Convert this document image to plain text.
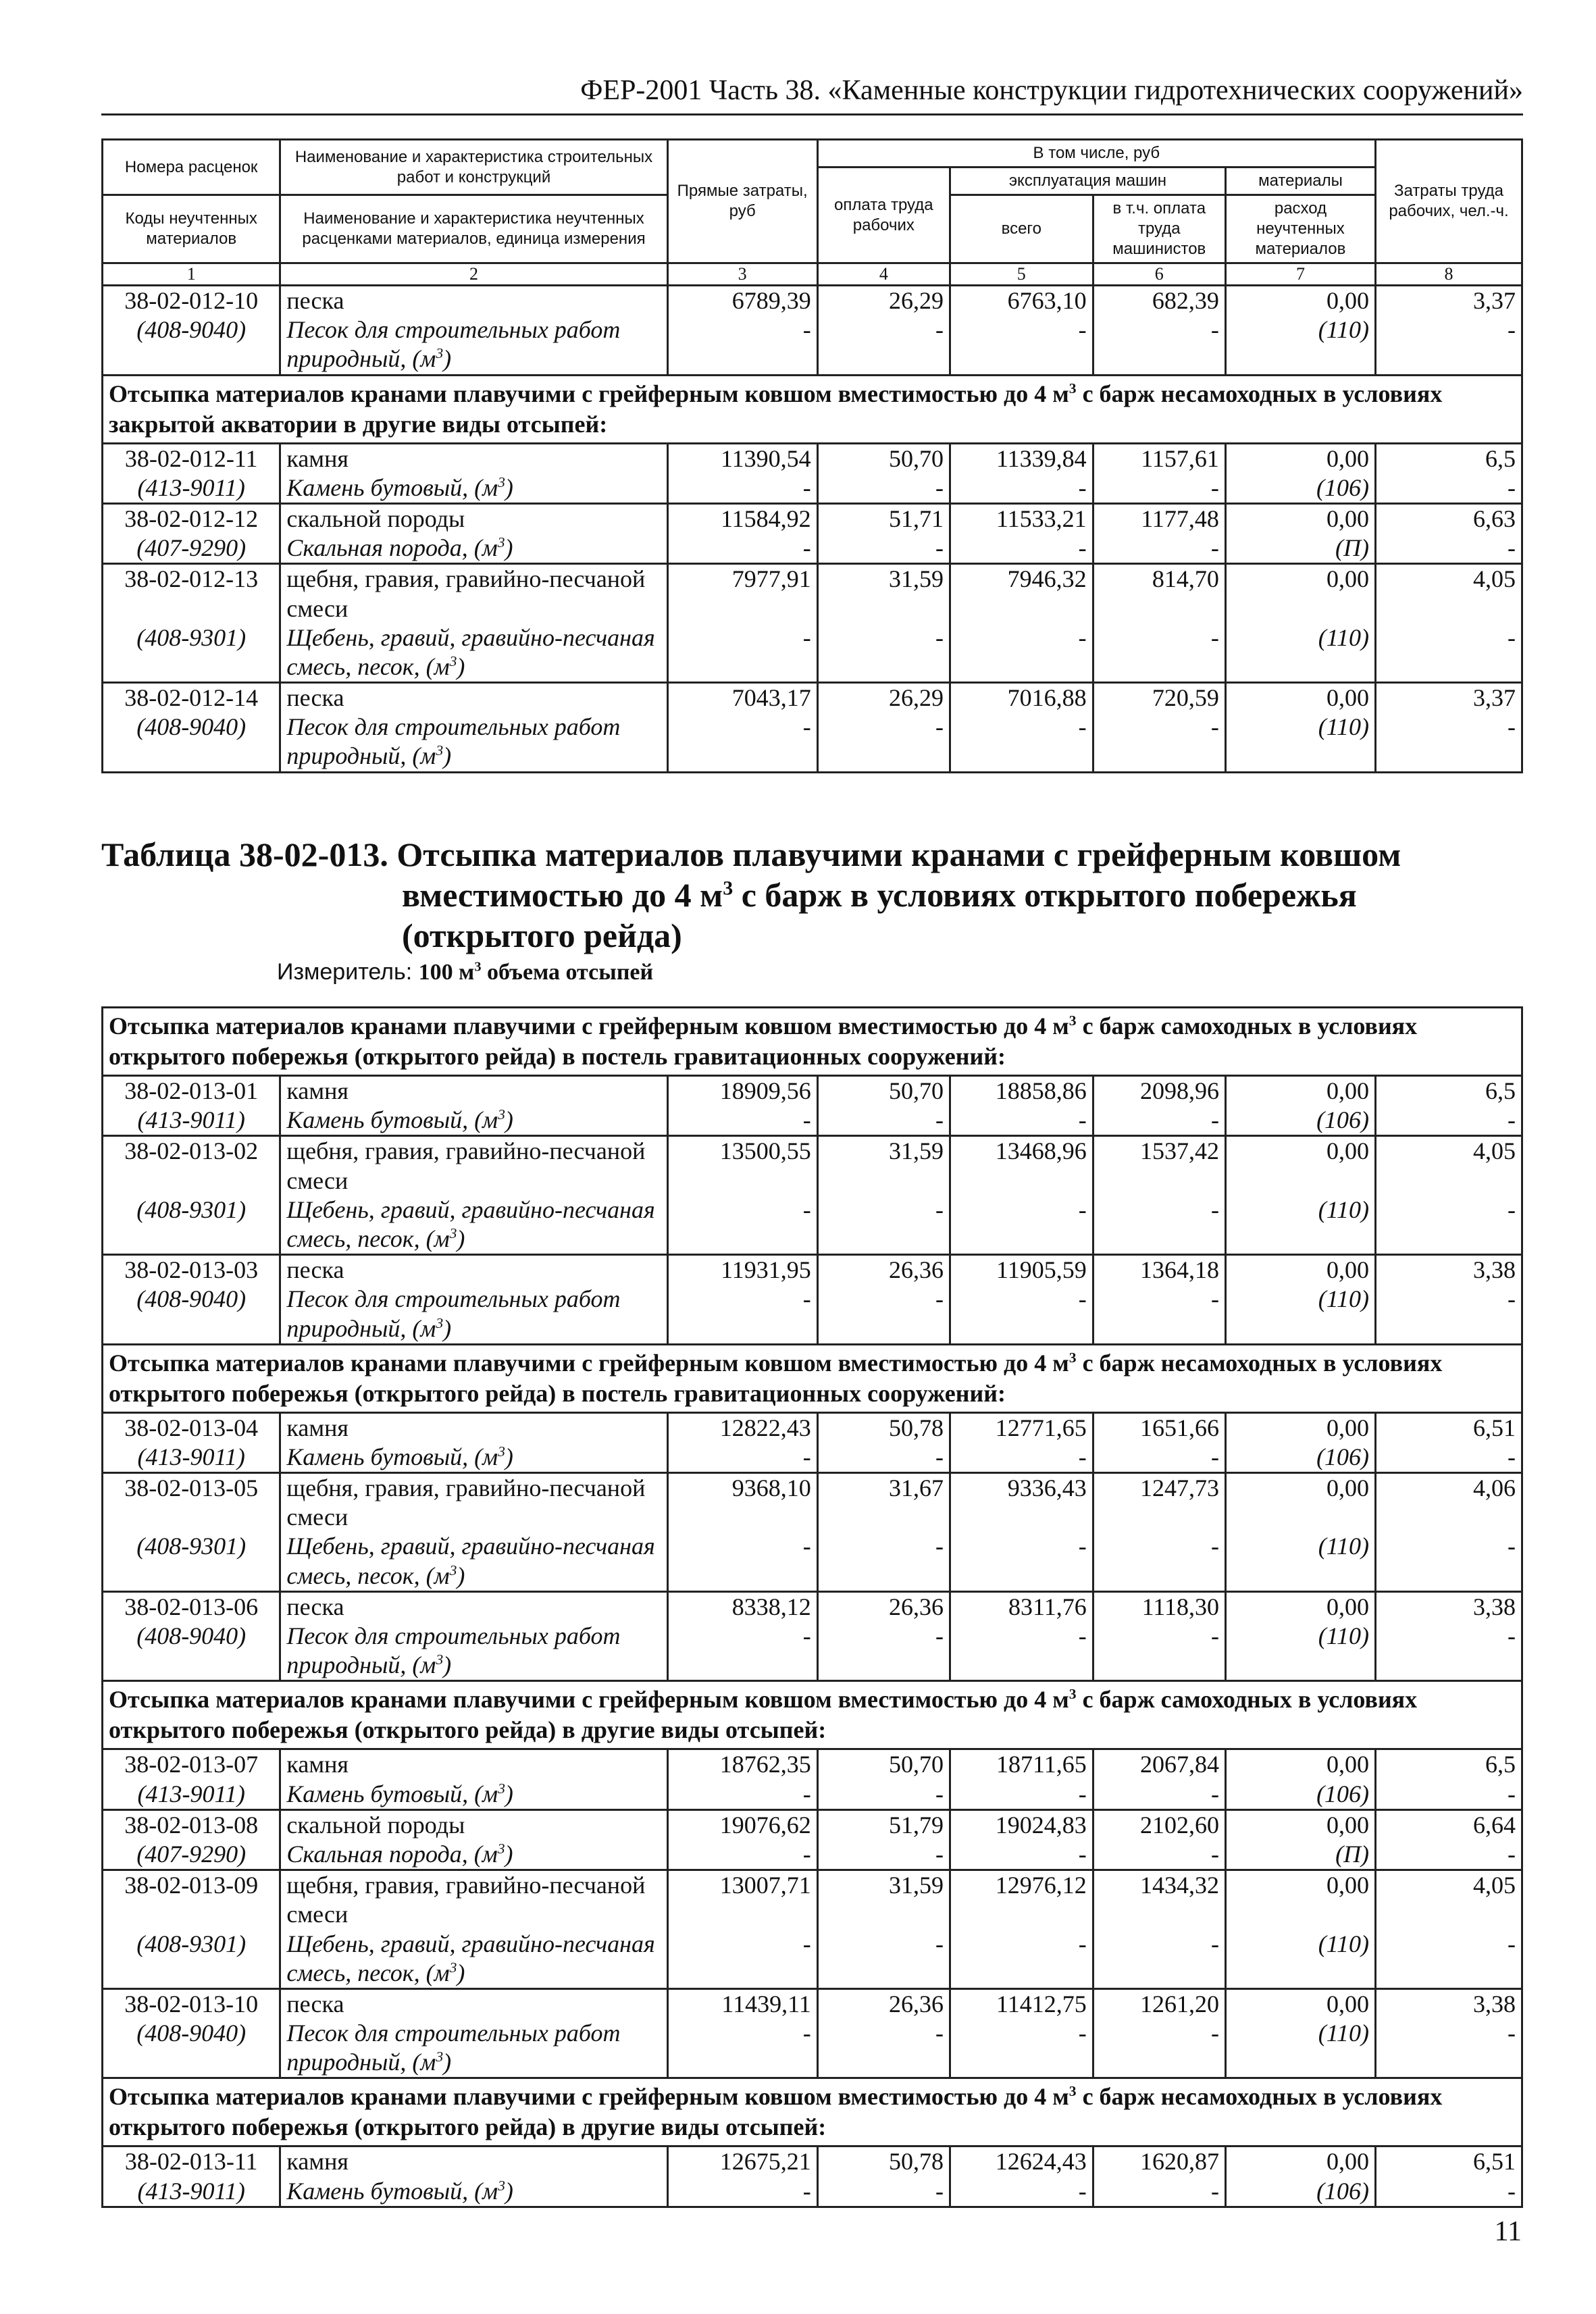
ФЕР-2001 Часть 38. «Каменные конструкции гидротехнических сооружений»
Номера расценок	Наименование и характеристика строительных работ и конструкций	Прямые затраты, руб	В том числе, руб				Затраты труда рабочих, чел.-ч.
			оплата труда рабочих	эксплуатация машин		материалы	
Коды неучтенных материалов	Наименование и характеристика неучтенных расценками материалов, единица измерения			всего	в т.ч. оплата труда машинистов	расход неучтенных материалов	

1	2	3	4	5	6	7	8
38-02-012-10	песка	6789,39	26,29	6763,10	682,39	0,00	3,37
(408-9040)	Песок для строительных работ природный, $(м^3)$	-	-	-	-	(110)	-
Отсыпка материалов кранами плавучими с грейферным ковшом вместимостью до 4 $м^3$ с барж несамоходных в условиях закрытой акватории в другие виды отсыпей:							
38-02-012-11	камня	11390,54	50,70	11339,84	1157,61	0,00	6,5
(413-9011)	Камень бутовый, $(м^3)$	-	-	-	-	(106)	-
38-02-012-12	скальной породы	11584,92	51,71	11533,21	1177,48	0,00	6,63
(407-9290)	Скальная порода, $(м^3)$	-	-	-	-	(П)	-
38-02-012-13	щебня, гравия, гравийно-песчаной смеси	7977,91	31,59	7946,32	814,70	0,00	4,05
(408-9301)	Щебень, гравий, гравийно-песчаная смесь, песок, $(м^3)$	-	-	-	-	(110)	-
38-02-012-14	песка	7043,17	26,29	7016,88	720,59	0,00	3,37
(408-9040)	Песок для строительных работ природный, $(м^3)$	-	-	-	-	(110)	-
Таблица 38-02-013. Отсыпка материалов плавучими кранами с грейферным ковшом
вместимостью до 4 $м^3$ с барж в условиях открытого побережья (открытого рейда)
Измеритель: 100 $м^3$ объема отсыпей
Отсыпка материалов кранами плавучими с грейферным ковшом вместимостью до 4 $м^3$ с барж самоходных в условиях открытого побережья (открытого рейда) в постель гравитационных сооружений:							
38-02-013-01	камня	18909,56	50,70	18858,86	2098,96	0,00	6,5
(413-9011)	Камень бутовый, $(м^3)$	-	-	-	-	(106)	-
38-02-013-02	щебня, гравия, гравийно-песчаной смеси	13500,55	31,59	13468,96	1537,42	0,00	4,05
(408-9301)	Щебень, гравий, гравийно-песчаная смесь, песок, $(м^3)$	-	-	-	-	(110)	-
38-02-013-03	песка	11931,95	26,36	11905,59	1364,18	0,00	3,38
(408-9040)	Песок для строительных работ природный, $(м^3)$	-	-	-	-	(110)	-
Отсыпка материалов кранами плавучими с грейферным ковшом вместимостью до 4 $м^3$ с барж несамоходных в условиях открытого побережья (открытого рейда) в постель гравитационных сооружений:							
38-02-013-04	камня	12822,43	50,78	12771,65	1651,66	0,00	6,51
(413-9011)	Камень бутовый, $(м^3)$	-	-	-	-	(106)	-
38-02-013-05	щебня, гравия, гравийно-песчаной смеси	9368,10	31,67	9336,43	1247,73	0,00	4,06
(408-9301)	Щебень, гравий, гравийно-песчаная смесь, песок, $(м^3)$	-	-	-	-	(110)	-
38-02-013-06	песка	8338,12	26,36	8311,76	1118,30	0,00	3,38
(408-9040)	Песок для строительных работ природный, $(м^3)$	-	-	-	-	(110)	-
Отсыпка материалов кранами плавучими с грейферным ковшом вместимостью до 4 $м^3$ с барж самоходных в условиях открытого побережья (открытого рейда) в другие виды отсыпей:							
38-02-013-07	камня	18762,35	50,70	18711,65	2067,84	0,00	6,5
(413-9011)	Камень бутовый, $(м^3)$	-	-	-	-	(106)	-
38-02-013-08	скальной породы	19076,62	51,79	19024,83	2102,60	0,00	6,64
(407-9290)	Скальная порода, $(м^3)$	-	-	-	-	(П)	-
38-02-013-09	щебня, гравия, гравийно-песчаной смеси	13007,71	31,59	12976,12	1434,32	0,00	4,05
(408-9301)	Щебень, гравий, гравийно-песчаная смесь, песок, $(м^3)$	-	-	-	-	(110)	-
38-02-013-10	песка	11439,11	26,36	11412,75	1261,20	0,00	3,38
(408-9040)	Песок для строительных работ природный, $(м^3)$	-	-	-	-	(110)	-
Отсыпка материалов кранами плавучими с грейферным ковшом вместимостью до 4 $м^3$ с барж несамоходных в условиях открытого побережья (открытого рейда) в другие виды отсыпей:							
38-02-013-11	камня	12675,21	50,78	12624,43	1620,87	0,00	6,51
(413-9011)	Камень бутовый, $(м^3)$	-	-	-	-	(106)	-
11
